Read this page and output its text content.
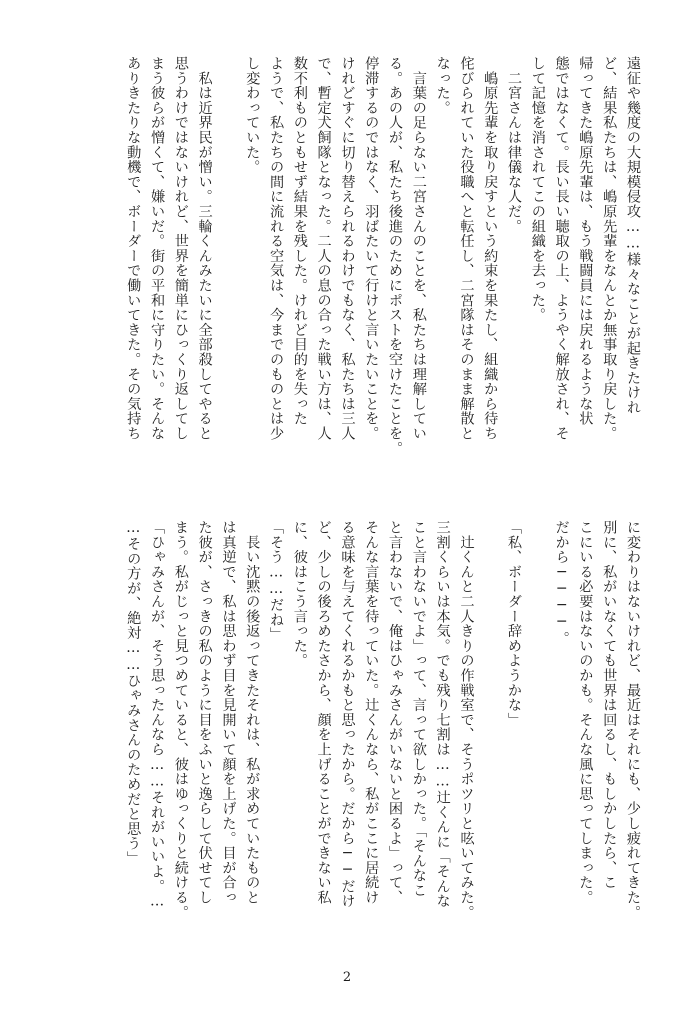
遠征や幾度の大規模侵攻……様々なことが起きたけれ
ど、結果私たちは、嶋原先輩をなんとか無事取り戻した。
帰ってきた嶋原先輩は、もう戦闘員には戻れるような状
態ではなくて。長い長い聴取の上、ようやく解放され、そ
して記憶を消されてこの組織を去った。
　二宮さんは律儀な人だ。
　嶋原先輩を取り戻すという約束を果たし、組織から待ち
侘びられていた役職へと転任し、二宮隊はそのまま解散と
なった。
　言葉の足らない二宮さんのことを、私たちは理解してい
る。あの人が、私たち後進のためにポストを空けたことを。
停滞するのではなく、羽ばたいて行けと言いたいことを。
けれどすぐに切り替えられるわけでもなく、私たちは三人
で、暫定犬飼隊となった。二人の息の合った戦い方は、人
数不利ものともせず結果を残した。けれど目的を失った
ようで、私たちの間に流れる空気は、今までのものとは少
し変わっていた。
　私は近界民が憎い。三輪くんみたいに全部殺してやると
思うわけではないけれど、世界を簡単にひっくり返してし
まう彼らが憎くて、嫌いだ。街の平和に守りたい。そんな
ありきたりな動機で、ボーダーで働いてきた。その気持ち
に変わりはないけれど、最近はそれにも、少し疲れてきた。
別に、私がいなくても世界は回るし、もしかしたら、こ
こにいる必要はないのかも。そんな風に思ってしまった。
だから────。
「私、ボーダー辞めようかな」
　辻くんと二人きりの作戦室で、そうポツリと呟いてみた。
三割くらいは本気。でも残り七割は……辻くんに「そんな
こと言わないでよ」って、言って欲しかった。「そんなこ
と言わないで、俺はひゃみさんがいないと困るよ」って、
そんな言葉を待っていた。辻くんなら、私がここに居続け
る意味を与えてくれるかもと思ったから。だから──だけ
ど、少しの後ろめたさから、顔を上げることができない私
に、彼はこう言った。
「そう……だね」
　長い沈黙の後返ってきたそれは、私が求めていたものと
は真逆で、私は思わず目を見開いて顔を上げた。目が合っ
た彼が、さっきの私のように目をふいと逸らして伏せてし
まう。私がじっと見つめていると、彼はゆっくりと続ける。
「ひゃみさんが、そう思ったんなら……それがいいよ。…
…その方が、絶対……ひゃみさんのためだと思う」
2
